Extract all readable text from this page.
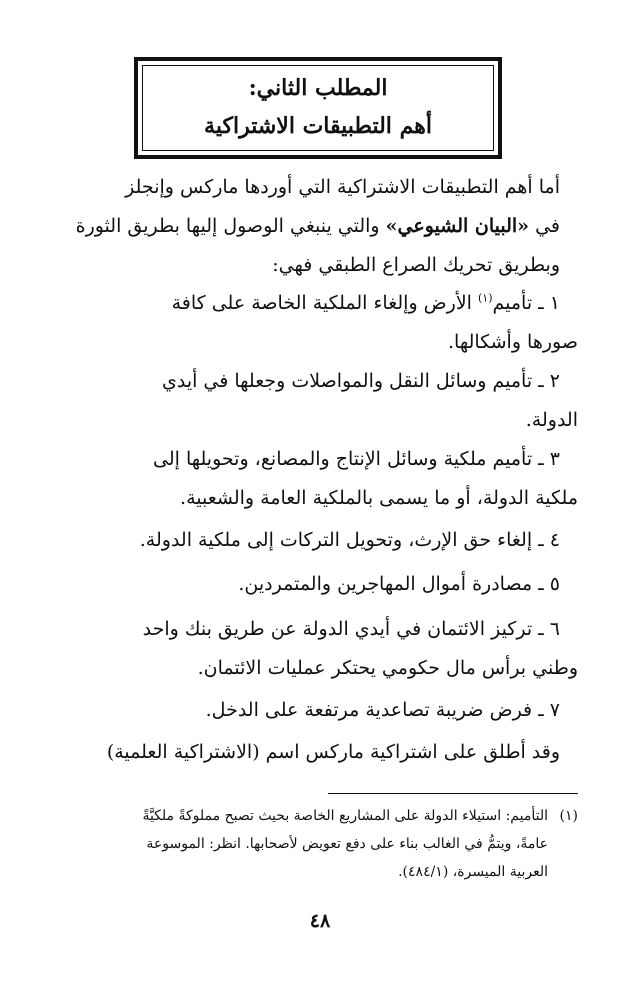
المطلب الثاني:
أهم التطبيقات الاشتراكية
أما أهم التطبيقات الاشتراكية التي أوردها ماركس وإنجلز
في «البيان الشيوعي» والتي ينبغي الوصول إليها بطريق الثورة
وبطريق تحريك الصراع الطبقي فهي:
١ ـ تأميم$^{(١)}$ الأرض وإلغاء الملكية الخاصة على كافة
صورها وأشكالها.
٢ ـ تأميم وسائل النقل والمواصلات وجعلها في أيدي
الدولة.
٣ ـ تأميم ملكية وسائل الإنتاج والمصانع، وتحويلها إلى
ملكية الدولة، أو ما يسمى بالملكية العامة والشعبية.
٤ ـ إلغاء حق الإرث، وتحويل التركات إلى ملكية الدولة.
٥ ـ مصادرة أموال المهاجرين والمتمردين.
٦ ـ تركيز الائتمان في أيدي الدولة عن طريق بنك واحد
وطني برأس مال حكومي يحتكر عمليات الائتمان.
٧ ـ فرض ضريبة تصاعدية مرتفعة على الدخل.
وقد أطلق على اشتراكية ماركس اسم (الاشتراكية العلمية)
(١)التأميم: استيلاء الدولة على المشاريع الخاصة بحيث تصبح مملوكةً ملكيَّةً
عامةً، ويتمُّ في الغالب بناء على دفع تعويض لأصحابها. انظر: الموسوعة
العربية الميسرة، (٤٨٤/١).
٤٨
